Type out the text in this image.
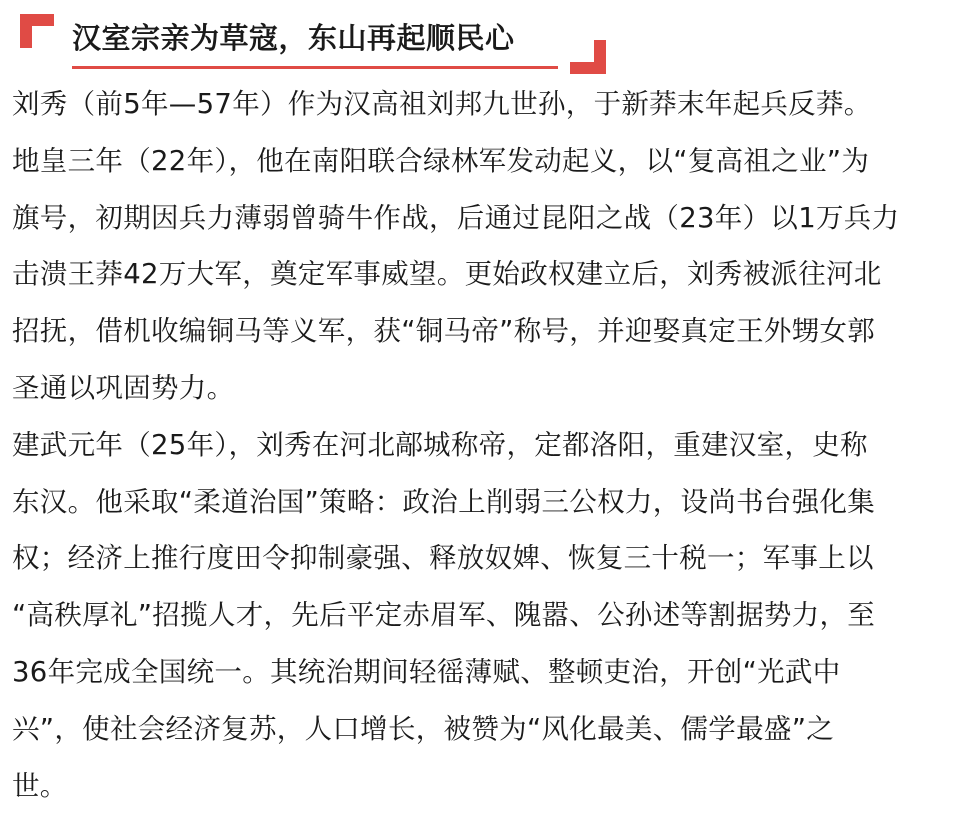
汉室宗亲为草寇，东山再起顺民心

刘秀（前5年—57年）作为汉高祖刘邦九世孙，于新莽末年起兵反莽。
地皇三年（22年），他在南阳联合绿林军发动起义，以“复高祖之业”为
旗号，初期因兵力薄弱曾骑牛作战，后通过昆阳之战（23年）以1万兵力
击溃王莽42万大军，奠定军事威望。更始政权建立后，刘秀被派往河北
招抚，借机收编铜马等义军，获“铜马帝”称号，并迎娶真定王外甥女郭
圣通以巩固势力。

建武元年（25年），刘秀在河北鄗城称帝，定都洛阳，重建汉室，史称
东汉。他采取“柔道治国”策略：政治上削弱三公权力，设尚书台强化集
权；经济上推行度田令抑制豪强、释放奴婢、恢复三十税一；军事上以
“高秩厚礼”招揽人才，先后平定赤眉军、隗嚣、公孙述等割据势力，至
36年完成全国统一。其统治期间轻徭薄赋、整顿吏治，开创“光武中
兴”，使社会经济复苏，人口增长，被赞为“风化最美、儒学最盛”之
世。
